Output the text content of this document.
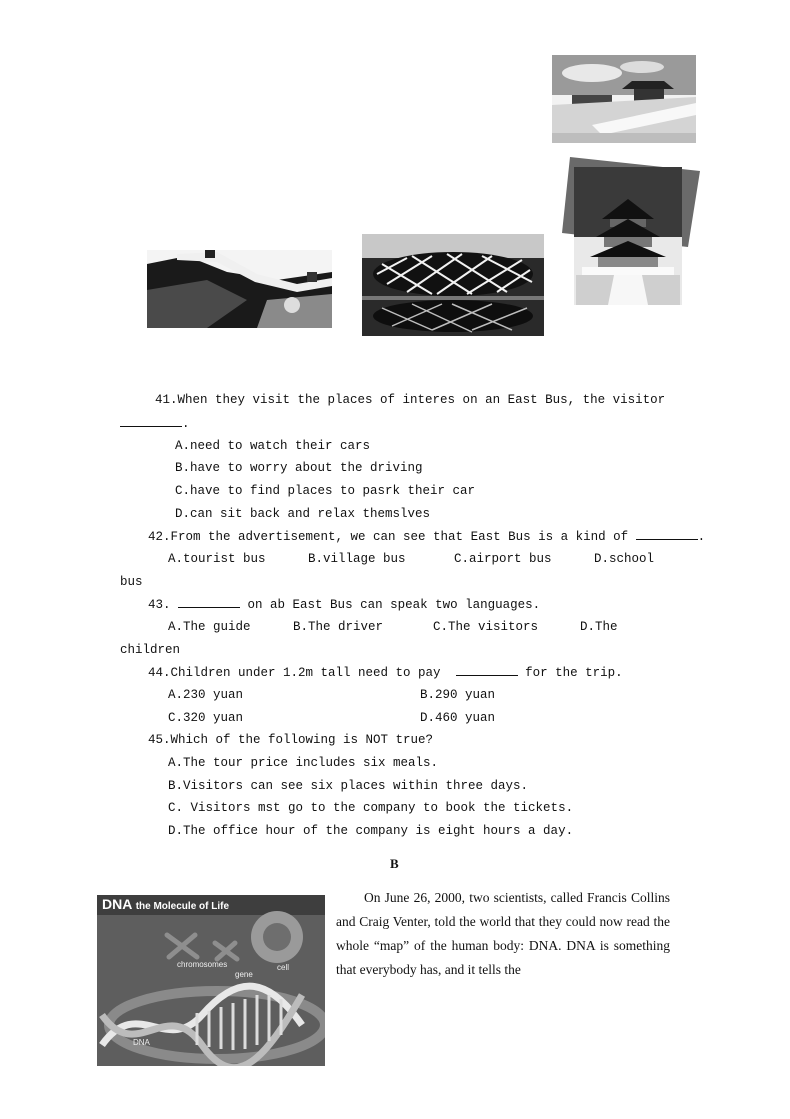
41.When they visit the places of interes on an East Bus, the visitor
.
A.need to watch their cars
B.have to worry about the driving
C.have to find places to pasrk their car
D.can sit back and relax themslves
42.From the advertisement, we can see that East Bus is a kind of	.
A.tourist bus	B.village bus	C.airport bus	D.school
bus
43.	on ab East Bus can speak two languages.
A.The guide	B.The driver	C.The visitors	D.The
children
44.Children under 1.2m tall need to pay	for the trip.
A.230 yuan	B.290 yuan
C.320 yuan	D.460 yuan
45.Which of the following is NOT true?
A.The tour price includes six meals.
B.Visitors can see six places within three days.
C. Visitors mst go to the company to book the tickets.
D.The office hour of the company is eight hours a day.
B
DNA the Molecule of Life
cell
chromosomes
gene
DNA
On June 26, 2000, two scientists, called Francis Collins and Craig Venter, told the world that they could now read the whole “map” of the human body: DNA. DNA is something that everybody has, and it tells the
